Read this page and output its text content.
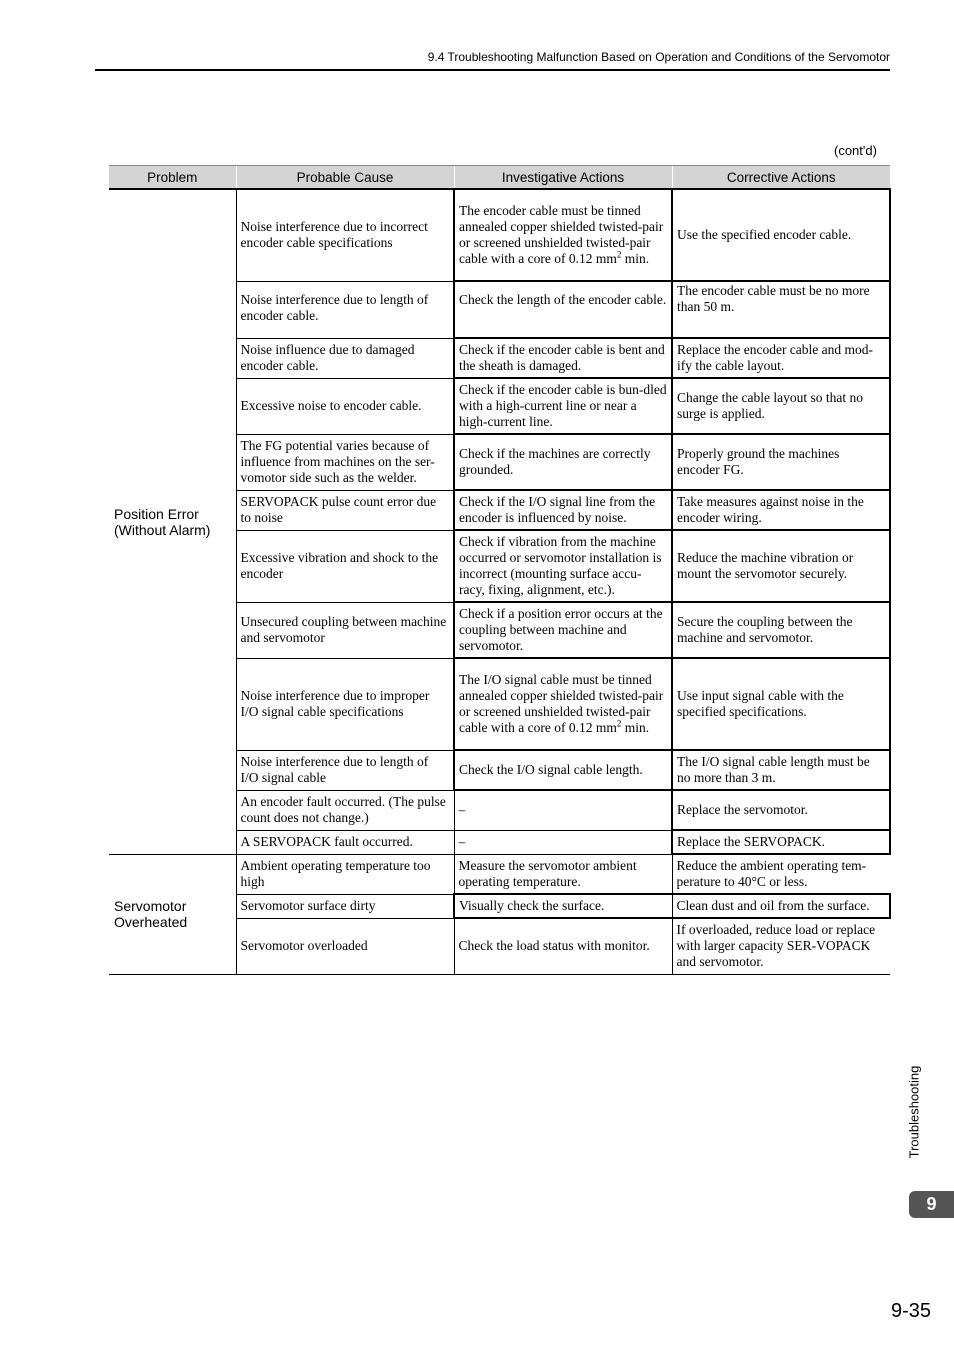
9.4 Troubleshooting Malfunction Based on Operation and Conditions of the Servomotor
(cont'd)
Problem	Probable Cause	Investigative Actions	Corrective Actions
Position Error (Without Alarm)	Noise interference due to incorrect encoder cable specifications	The encoder cable must be tinned annealed copper shielded twisted-pair or screened unshielded twisted-pair cable with a core of 0.12 $mm^2$ min.	Use the specified encoder cable.
	Noise interference due to length of encoder cable.	Check the length of the encoder cable.	The encoder cable must be no more than 50 m.
	Noise influence due to damaged encoder cable.	Check if the encoder cable is bent and the sheath is damaged.	Replace the encoder cable and mod-ify the cable layout.
	Excessive noise to encoder cable.	Check if the encoder cable is bun-dled with a high-current line or near a high-current line.	Change the cable layout so that no surge is applied.
	The FG potential varies because of influence from machines on the ser-vomotor side such as the welder.	Check if the machines are correctly grounded.	Properly ground the machines encoder FG.
	SERVOPACK pulse count error due to noise	Check if the I/O signal line from the encoder is influenced by noise.	Take measures against noise in the encoder wiring.
	Excessive vibration and shock to the encoder	Check if vibration from the machine occurred or servomotor installation is incorrect (mounting surface accu-racy, fixing, alignment, etc.).	Reduce the machine vibration or mount the servomotor securely.
	Unsecured coupling between machine and servomotor	Check if a position error occurs at the coupling between machine and servomotor.	Secure the coupling between the machine and servomotor.
	Noise interference due to improper I/O signal cable specifications	The I/O signal cable must be tinned annealed copper shielded twisted-pair or screened unshielded twisted-pair cable with a core of 0.12 $mm^2$ min.	Use input signal cable with the specified specifications.
	Noise interference due to length of I/O signal cable	Check the I/O signal cable length.	The I/O signal cable length must be no more than 3 m.
	An encoder fault occurred. (The pulse count does not change.)	–	Replace the servomotor.
	A SERVOPACK fault occurred.	–	Replace the SERVOPACK.
Servomotor Overheated	Ambient operating temperature too high	Measure the servomotor ambient operating temperature.	Reduce the ambient operating tem-perature to 40°C or less.
	Servomotor surface dirty	Visually check the surface.	Clean dust and oil from the surface.
	Servomotor overloaded	Check the load status with monitor.	If overloaded, reduce load or replace with larger capacity SER-VOPACK and servomotor.
Troubleshooting
9
9-35
